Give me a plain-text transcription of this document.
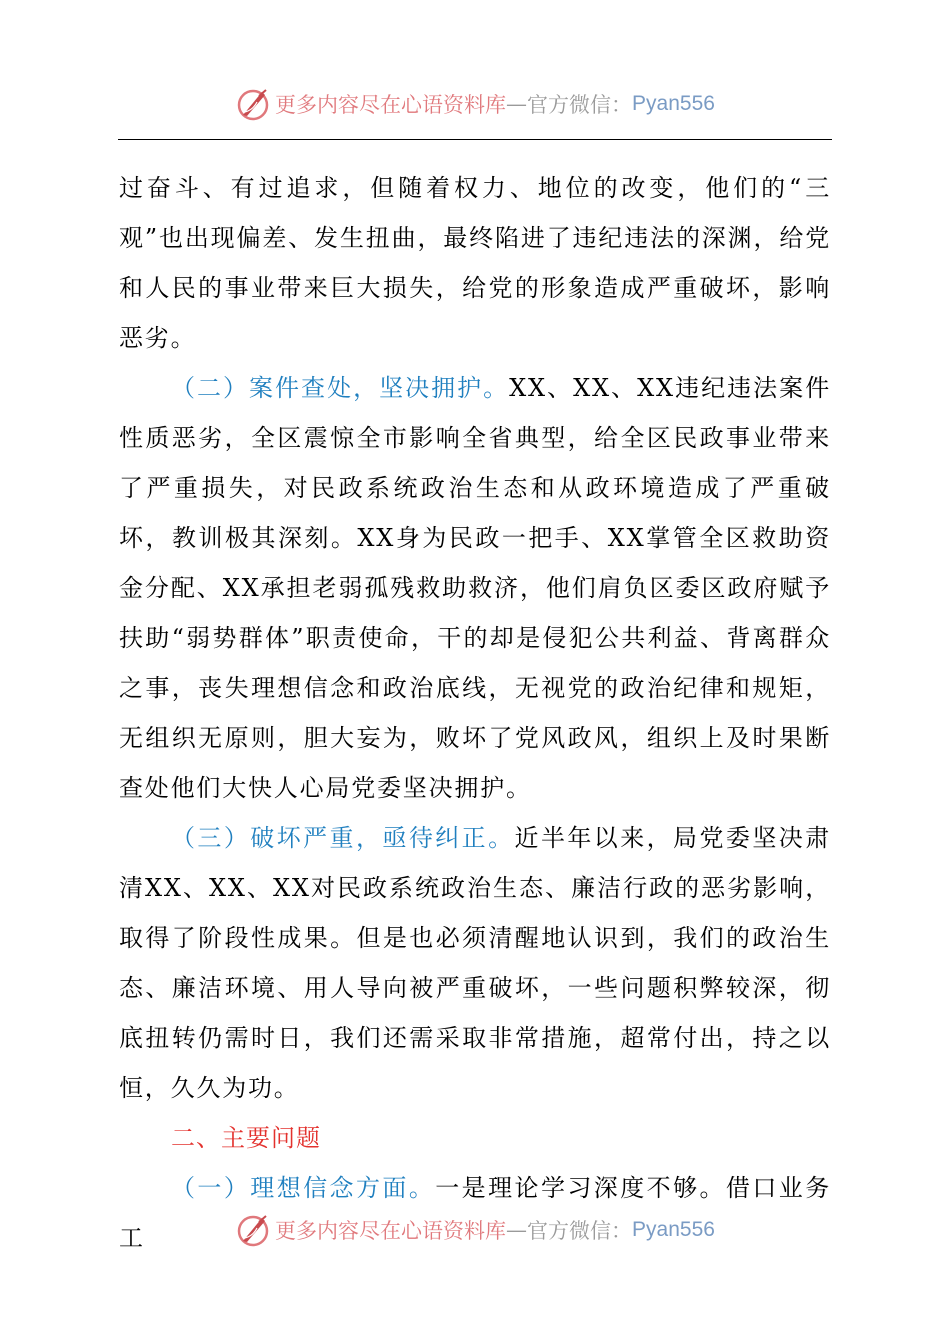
更多内容尽在心语资料库 — 官方微信： Pyan556

过奋斗、有过追求，但随着权力、地位的改变，他们的“三观”也出现偏差、发生扭曲，最终陷进了违纪违法的深渊，给党和人民的事业带来巨大损失，给党的形象造成严重破坏，影响恶劣。

（二）案件查处，坚决拥护。XX、XX、XX违纪违法案件性质恶劣，全区震惊全市影响全省典型，给全区民政事业带来了严重损失，对民政系统政治生态和从政环境造成了严重破坏，教训极其深刻。XX身为民政一把手、XX掌管全区救助资金分配、XX承担老弱孤残救助救济，他们肩负区委区政府赋予扶助“弱势群体”职责使命，干的却是侵犯公共利益、背离群众之事，丧失理想信念和政治底线，无视党的政治纪律和规矩，无组织无原则，胆大妄为，败坏了党风政风，组织上及时果断查处他们大快人心局党委坚决拥护。

（三）破坏严重，亟待纠正。近半年以来，局党委坚决肃清XX、XX、XX对民政系统政治生态、廉洁行政的恶劣影响，取得了阶段性成果。但是也必须清醒地认识到，我们的政治生态、廉洁环境、用人导向被严重破坏，一些问题积弊较深，彻底扭转仍需时日，我们还需采取非常措施，超常付出，持之以恒，久久为功。

二、主要问题

（一）理想信念方面。一是理论学习深度不够。借口业务工	更多内容尽在心语资料库 — 官方微信： Pyan556
